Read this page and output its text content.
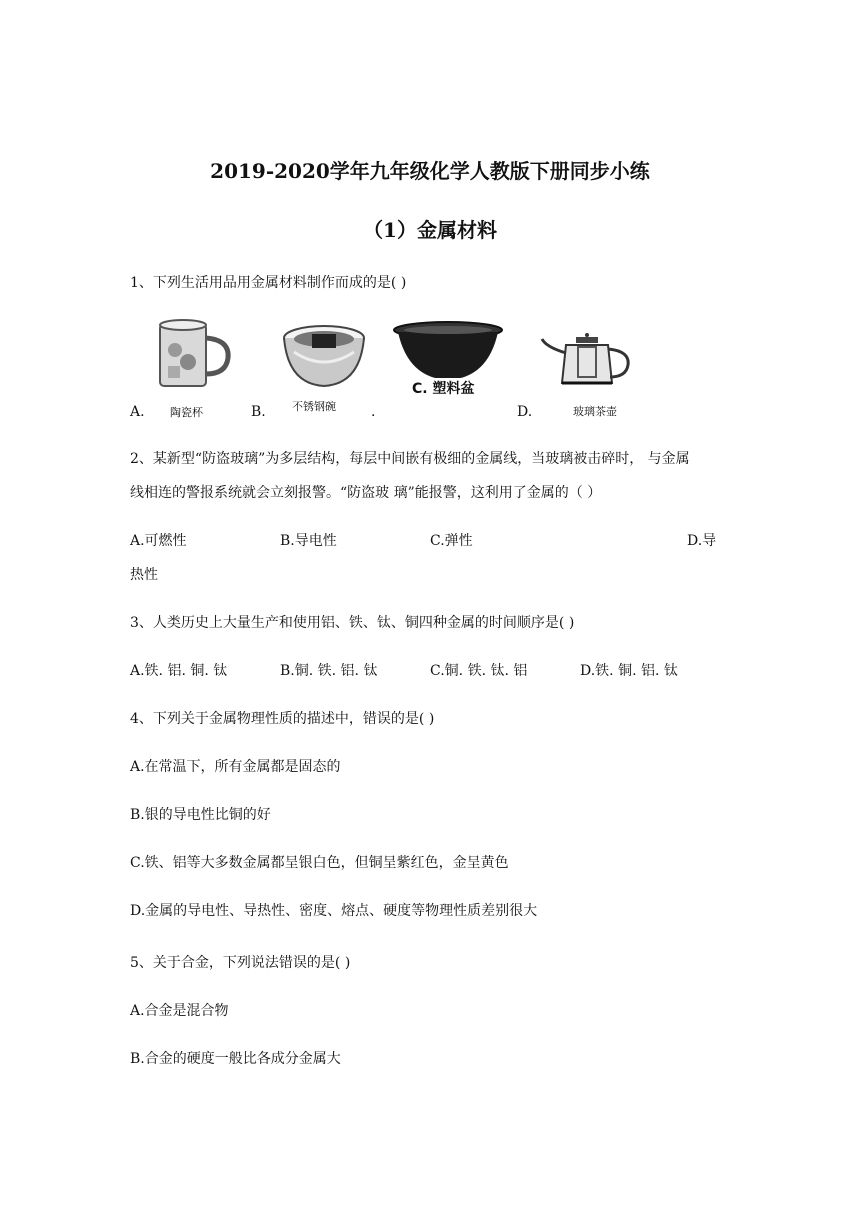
2019-2020学年九年级化学人教版下册同步小练
（1）金属材料
1、下列生活用品用金属材料制作而成的是( )
C. 塑料盆
A. 陶瓷杯	B. 不锈钢碗	.	D.	玻璃茶壶
2、某新型“防盗玻璃”为多层结构，每层中间嵌有极细的金属线，当玻璃被击碎时， 与金属
线相连的警报系统就会立刻报警。“防盗玻 璃”能报警，这利用了金属的（ ）
A.可燃性	B.导电性	C.弹性	D.导
热性
3、人类历史上大量生产和使用铝、铁、钛、铜四种金属的时间顺序是( )
A.铁. 铝. 铜. 钛	B.铜. 铁. 铝. 钛	C.铜. 铁. 钛. 铝	D.铁. 铜. 铝. 钛
4、下列关于金属物理性质的描述中，错误的是( )
A.在常温下，所有金属都是固态的
B.银的导电性比铜的好
C.铁、铝等大多数金属都呈银白色，但铜呈紫红色，金呈黄色
D.金属的导电性、导热性、密度、熔点、硬度等物理性质差别很大
5、关于合金，下列说法错误的是( )
A.合金是混合物
B.合金的硬度一般比各成分金属大
